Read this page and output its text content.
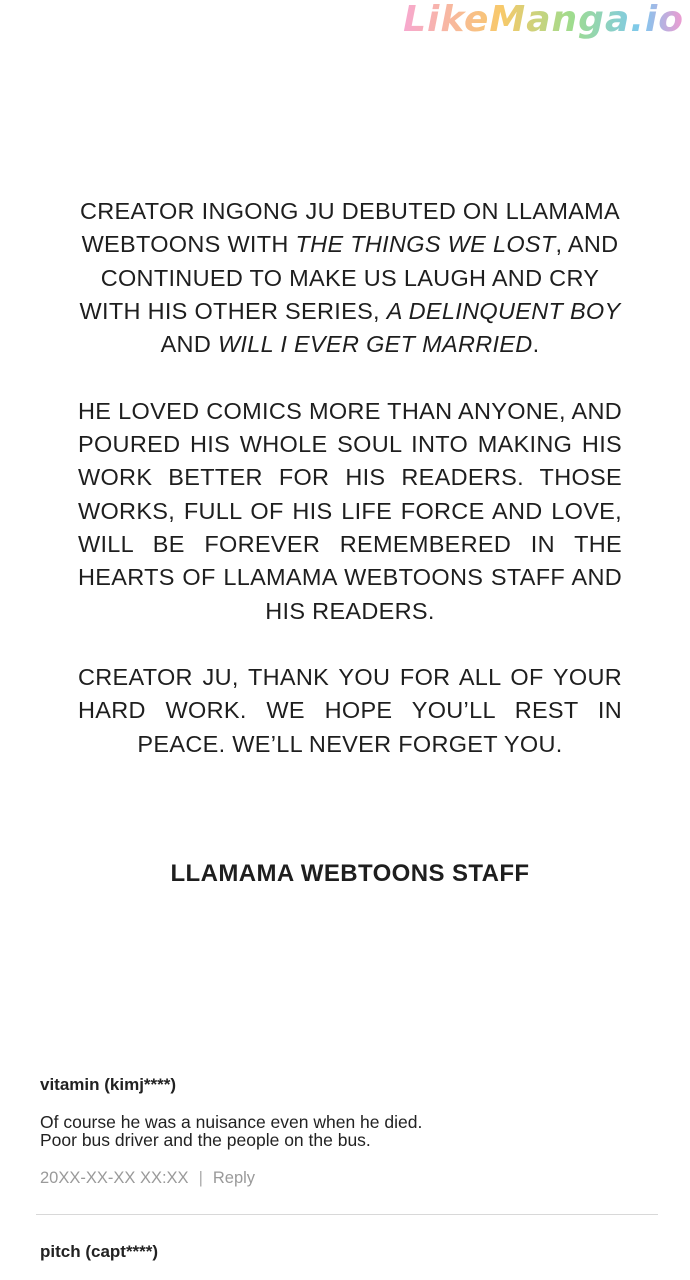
LikeManga.io

CREATOR INGONG JU DEBUTED ON LLAMAMA WEBTOONS WITH THE THINGS WE LOST, AND CONTINUED TO MAKE US LAUGH AND CRY WITH HIS OTHER SERIES, A DELINQUENT BOY AND WILL I EVER GET MARRIED.

HE LOVED COMICS MORE THAN ANYONE, AND POURED HIS WHOLE SOUL INTO MAKING HIS WORK BETTER FOR HIS READERS. THOSE WORKS, FULL OF HIS LIFE FORCE AND LOVE, WILL BE FOREVER REMEMBERED IN THE HEARTS OF LLAMAMA WEBTOONS STAFF AND HIS READERS.

CREATOR JU, THANK YOU FOR ALL OF YOUR HARD WORK. WE HOPE YOU’LL REST IN PEACE. WE’LL NEVER FORGET YOU.

LLAMAMA WEBTOONS STAFF
vitamin (kimj****)
Of course he was a nuisance even when he died.
Poor bus driver and the people on the bus.
20XX-XX-XX XX:XX | Reply
pitch (capt****)
